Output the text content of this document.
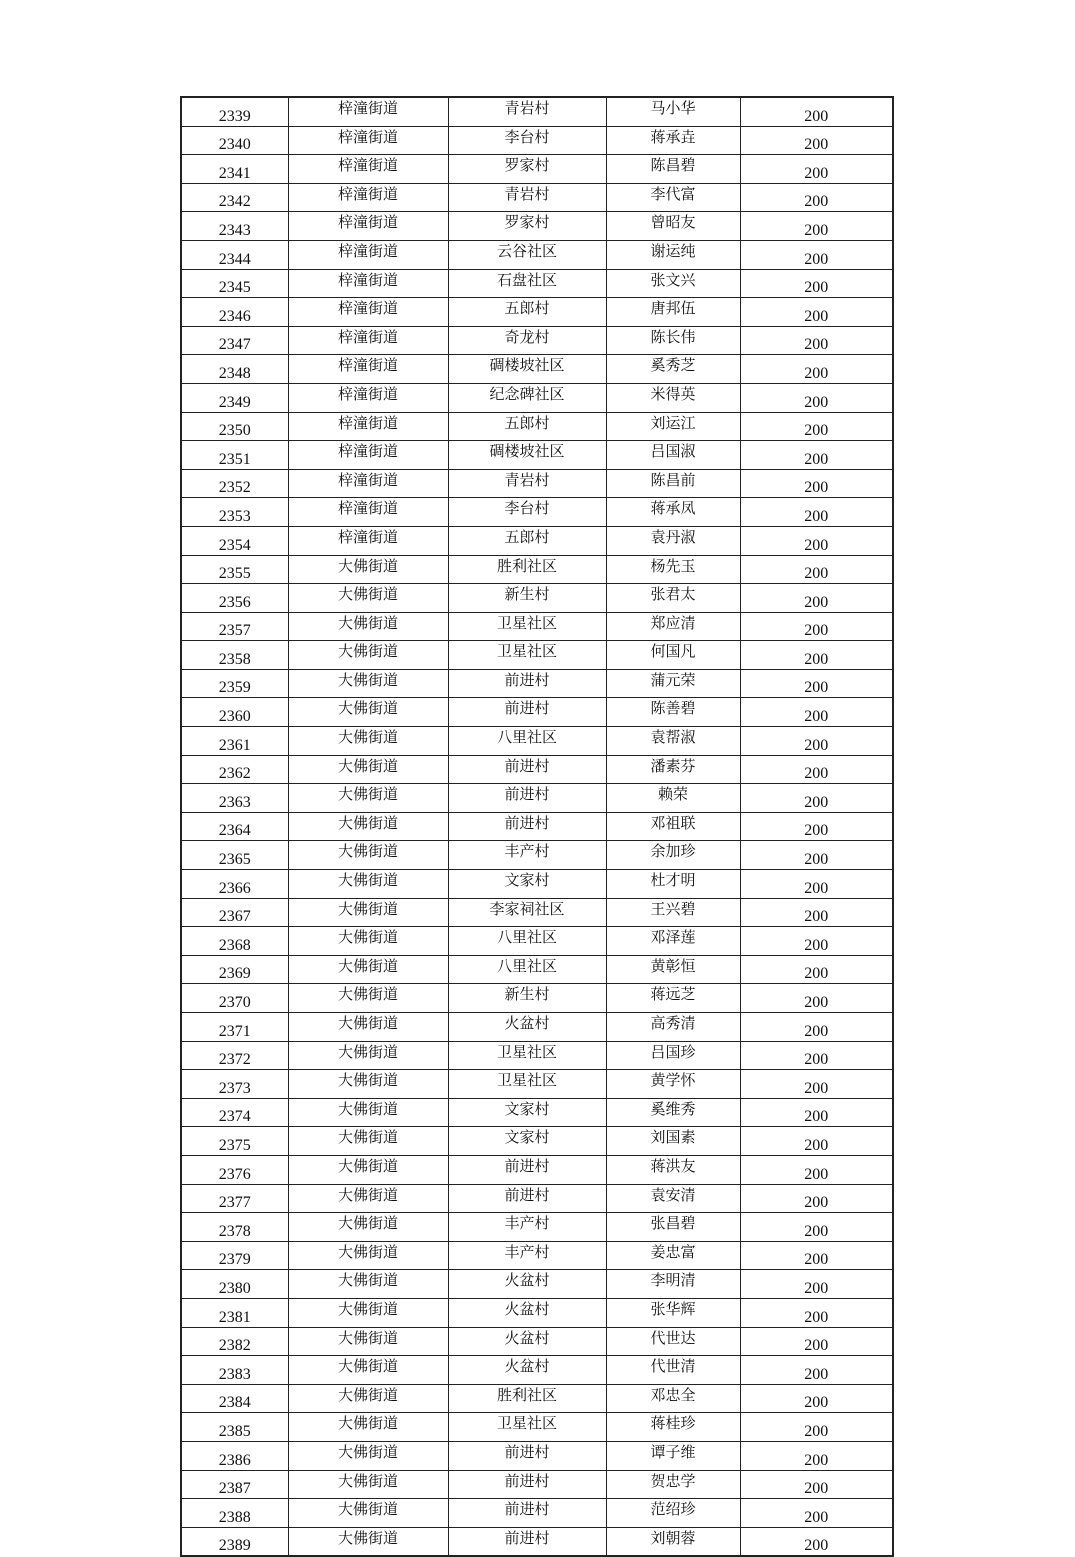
2339	梓潼街道	青岩村	马小华	200
2340	梓潼街道	李台村	蒋承垚	200
2341	梓潼街道	罗家村	陈昌碧	200
2342	梓潼街道	青岩村	李代富	200
2343	梓潼街道	罗家村	曾昭友	200
2344	梓潼街道	云谷社区	谢运纯	200
2345	梓潼街道	石盘社区	张文兴	200
2346	梓潼街道	五郎村	唐邦伍	200
2347	梓潼街道	奇龙村	陈长伟	200
2348	梓潼街道	碉楼坡社区	奚秀芝	200
2349	梓潼街道	纪念碑社区	米得英	200
2350	梓潼街道	五郎村	刘运江	200
2351	梓潼街道	碉楼坡社区	吕国淑	200
2352	梓潼街道	青岩村	陈昌前	200
2353	梓潼街道	李台村	蒋承凤	200
2354	梓潼街道	五郎村	袁丹淑	200
2355	大佛街道	胜利社区	杨先玉	200
2356	大佛街道	新生村	张君太	200
2357	大佛街道	卫星社区	郑应清	200
2358	大佛街道	卫星社区	何国凡	200
2359	大佛街道	前进村	蒲元荣	200
2360	大佛街道	前进村	陈善碧	200
2361	大佛街道	八里社区	袁帮淑	200
2362	大佛街道	前进村	潘素芬	200
2363	大佛街道	前进村	赖荣	200
2364	大佛街道	前进村	邓祖联	200
2365	大佛街道	丰产村	余加珍	200
2366	大佛街道	文家村	杜才明	200
2367	大佛街道	李家祠社区	王兴碧	200
2368	大佛街道	八里社区	邓泽莲	200
2369	大佛街道	八里社区	黄彰恒	200
2370	大佛街道	新生村	蒋远芝	200
2371	大佛街道	火盆村	高秀清	200
2372	大佛街道	卫星社区	吕国珍	200
2373	大佛街道	卫星社区	黄学怀	200
2374	大佛街道	文家村	奚维秀	200
2375	大佛街道	文家村	刘国素	200
2376	大佛街道	前进村	蒋洪友	200
2377	大佛街道	前进村	袁安清	200
2378	大佛街道	丰产村	张昌碧	200
2379	大佛街道	丰产村	姜忠富	200
2380	大佛街道	火盆村	李明清	200
2381	大佛街道	火盆村	张华辉	200
2382	大佛街道	火盆村	代世达	200
2383	大佛街道	火盆村	代世清	200
2384	大佛街道	胜利社区	邓忠全	200
2385	大佛街道	卫星社区	蒋桂珍	200
2386	大佛街道	前进村	谭子维	200
2387	大佛街道	前进村	贺忠学	200
2388	大佛街道	前进村	范绍珍	200
2389	大佛街道	前进村	刘朝蓉	200
